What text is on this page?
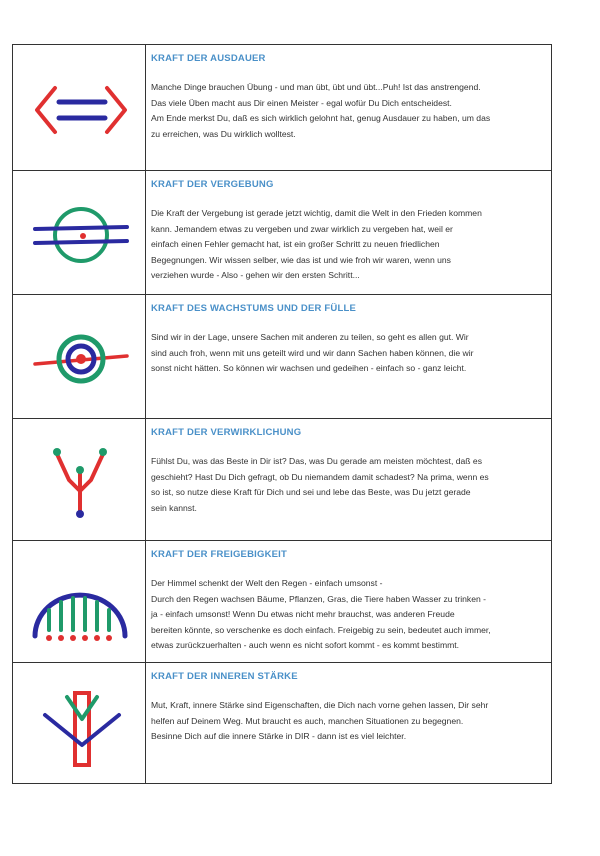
KRAFT DER AUSDAUER

Manche Dinge brauchen Übung - und man übt, übt und übt...Puh! Ist das anstrengend.

Das viele Üben macht aus Dir einen Meister - egal wofür Du Dich entscheidest.

Am Ende merkst Du, daß es sich wirklich gelohnt hat, genug Ausdauer zu haben, um das

zu erreichen, was Du wirklich wolltest.

KRAFT DER VERGEBUNG

Die Kraft der Vergebung ist gerade jetzt wichtig, damit die Welt in den Frieden kommen

kann. Jemandem etwas zu vergeben und zwar wirklich zu vergeben hat, weil er

einfach einen Fehler gemacht hat, ist ein großer Schritt zu neuen friedlichen

Begegnungen. Wir wissen selber, wie das ist und wie froh wir waren, wenn uns

verziehen wurde - Also - gehen wir den ersten Schritt...

KRAFT DES WACHSTUMS UND DER FÜLLE

Sind wir in der Lage, unsere Sachen mit anderen zu teilen, so geht es allen gut. Wir

sind auch froh, wenn mit uns geteilt wird und wir dann Sachen haben können, die wir

sonst nicht hätten. So können wir wachsen und gedeihen - einfach so - ganz leicht.

KRAFT DER VERWIRKLICHUNG

Fühlst Du, was das Beste in Dir ist? Das, was Du gerade am meisten möchtest, daß es

geschieht? Hast Du Dich gefragt, ob Du niemandem damit schadest? Na prima, wenn es

so ist, so nutze diese Kraft für Dich und sei und lebe das Beste, was Du jetzt gerade

sein kannst.

KRAFT DER FREIGEBIGKEIT

Der Himmel schenkt der Welt den Regen - einfach umsonst -

Durch den Regen wachsen Bäume, Pflanzen, Gras, die Tiere haben Wasser zu trinken -

ja - einfach umsonst! Wenn Du etwas nicht mehr brauchst, was anderen Freude

bereiten könnte, so verschenke es doch einfach. Freigebig zu sein, bedeutet auch immer,

etwas zurückzuerhalten - auch wenn es nicht sofort kommt - es kommt bestimmt.

KRAFT DER INNEREN STÄRKE

Mut, Kraft, innere Stärke sind Eigenschaften, die Dich nach vorne gehen lassen, Dir sehr

helfen auf Deinem Weg. Mut braucht es auch, manchen Situationen zu begegnen.

Besinne Dich auf die innere Stärke in DIR - dann ist es viel leichter.
